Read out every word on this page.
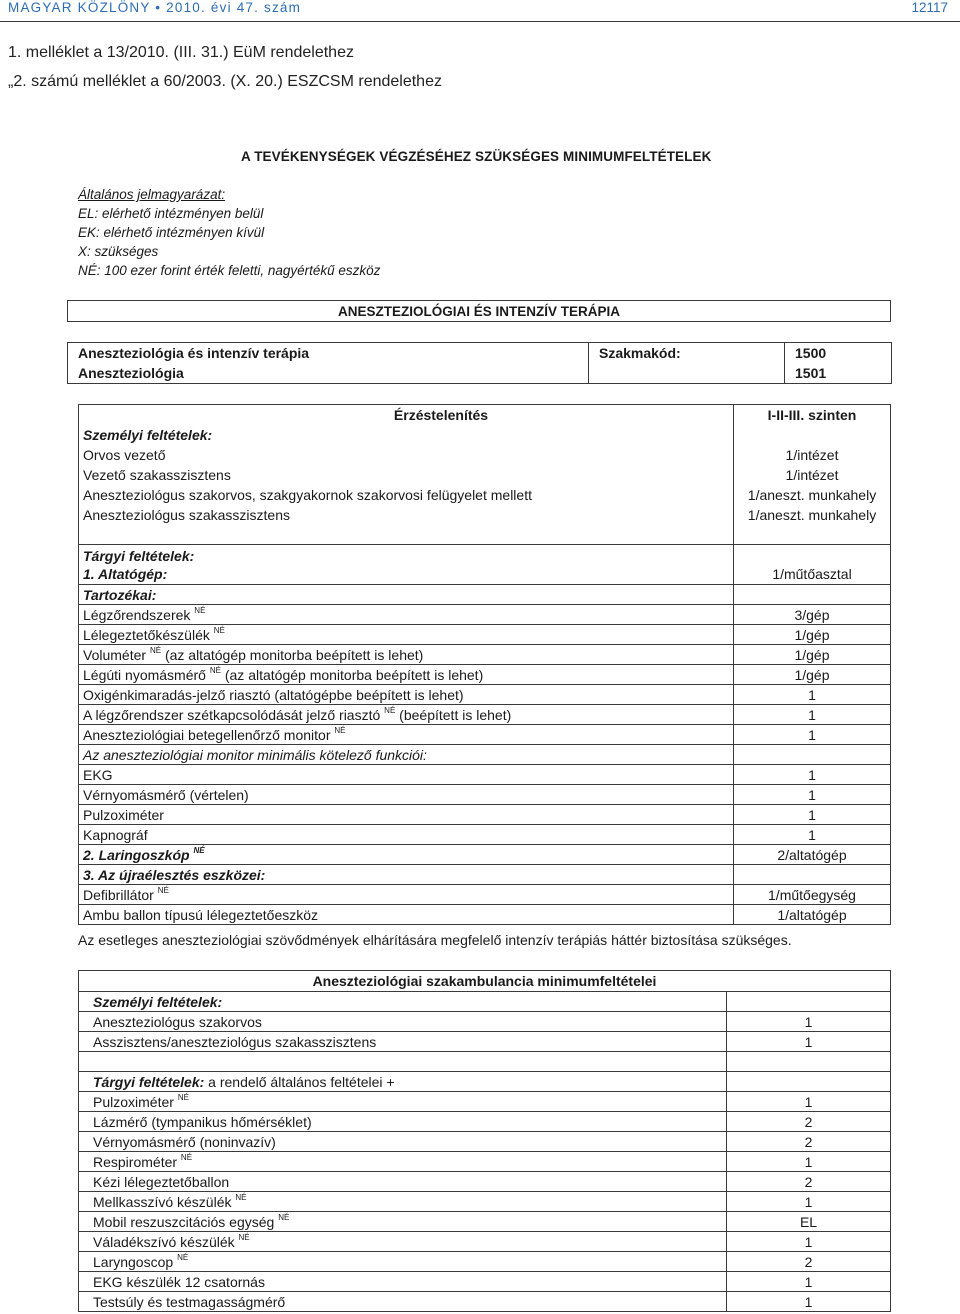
MAGYAR KÖZLÖNY • 2010. évi 47. szám	12117
1. melléklet a 13/2010. (III. 31.) EüM rendelethez
„2. számú melléklet a 60/2003. (X. 20.) ESZCSM rendelethez
A TEVÉKENYSÉGEK VÉGZÉSÉHEZ SZÜKSÉGES MINIMUMFELTÉTELEK
Általános jelmagyarázat:
EL: elérhető intézményen belül
EK: elérhető intézményen kívül
X: szükséges
NÉ: 100 ezer forint érték feletti, nagyértékű eszköz
ANESZTEZIOLÓGIAI ÉS INTENZÍV TERÁPIA
Aneszteziológia és intenzív terápia	Szakmakód:	1500
Aneszteziológia		1501
Érzéstelenítés	I-II-III. szinten
Személyi feltételek:	
Orvos vezető	1/intézet
Vezető szakasszisztens	1/intézet
Aneszteziológus szakorvos, szakgyakornok szakorvosi felügyelet mellett	1/aneszt. munkahely
Aneszteziológus szakasszisztens	1/aneszt. munkahely

Tárgyi feltételek:	
1. Altatógép:	1/műtőasztal
Tartozékai:	
Légzőrendszerek $^{NÉ}$	3/gép
Lélegeztetőkészülék $^{NÉ}$	1/gép
Voluméter $^{NÉ}$ (az altatógép monitorba beépített is lehet)	1/gép
Légúti nyomásmérő $^{NÉ}$ (az altatógép monitorba beépített is lehet)	1/gép
Oxigénkimaradás-jelző riasztó (altatógépbe beépített is lehet)	1
A légzőrendszer szétkapcsolódását jelző riasztó $^{NÉ}$ (beépített is lehet)	1
Aneszteziológiai betegellenőrző monitor $^{NÉ}$	1
Az aneszteziológiai monitor minimális kötelező funkciói:	
EKG	1
Vérnyomásmérő (vértelen)	1
Pulzoximéter	1
Kapnográf	1
2. Laringoszkóp $^{NÉ}$	2/altatógép
3. Az újraélesztés eszközei:	
Defibrillátor $^{NÉ}$	1/műtőegység
Ambu ballon típusú lélegeztetőeszköz	1/altatógép
Az esetleges aneszteziológiai szövődmények elhárítására megfelelő intenzív terápiás háttér biztosítása szükséges.
Aneszteziológiai szakambulancia minimumfeltételei	
Személyi feltételek:	
Aneszteziológus szakorvos	1
Asszisztens/aneszteziológus szakasszisztens	1

Tárgyi feltételek: a rendelő általános feltételei +	
Pulzoximéter $^{NÉ}$	1
Lázmérő (tympanikus hőmérséklet)	2
Vérnyomásmérő (noninvazív)	2
Respirométer $^{NÉ}$	1
Kézi lélegeztetőballon	2
Mellkasszívó készülék $^{NÉ}$	1
Mobil reszuszcitációs egység $^{NÉ}$	EL
Váladékszívó készülék $^{NÉ}$	1
Laryngoscop $^{NÉ}$	2
EKG készülék 12 csatornás	1
Testsúly és testmagasságmérő	1
